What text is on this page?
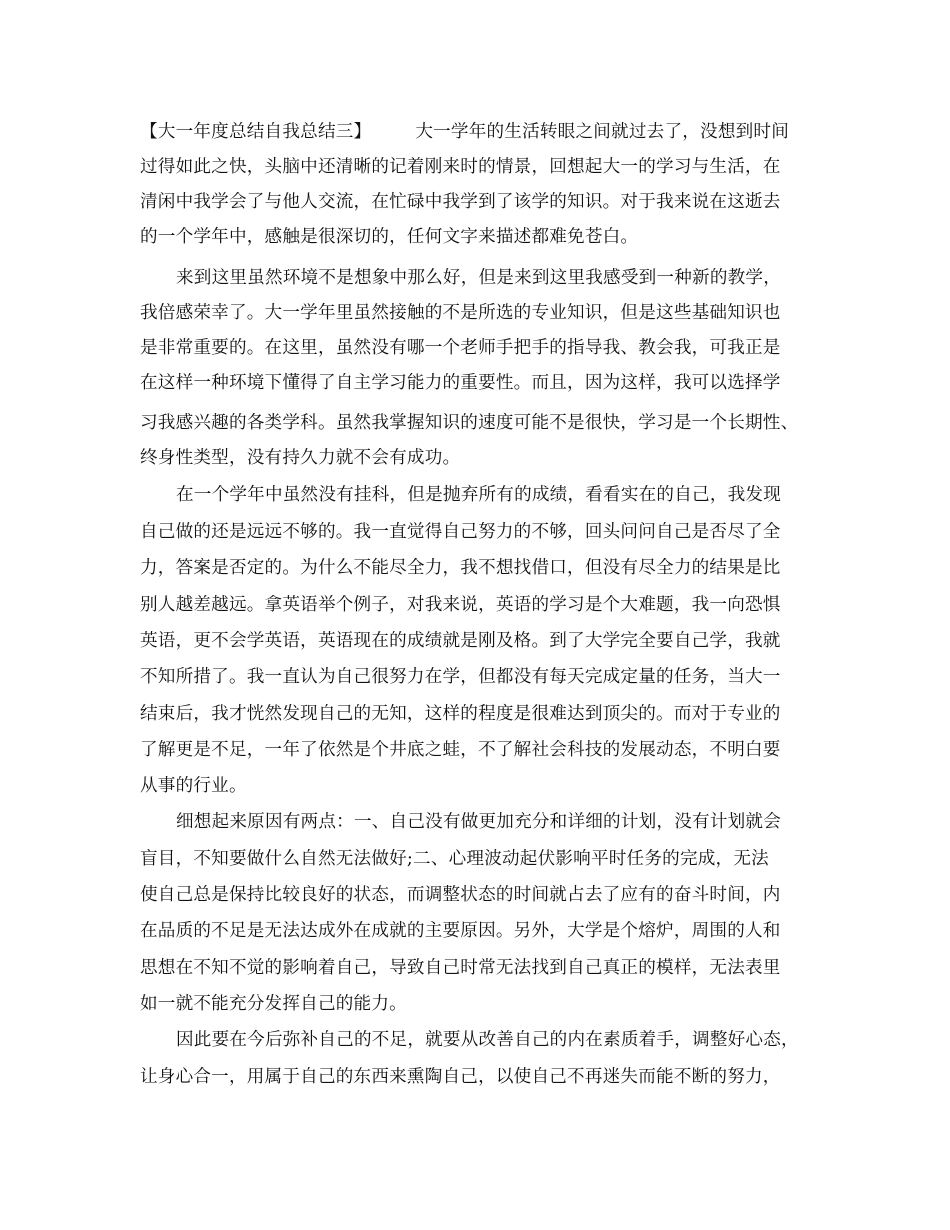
【大一年度总结自我总结三】	大一学年的生活转眼之间就过去了，没想到时间
过得如此之快，头脑中还清晰的记着刚来时的情景，回想起大一的学习与生活，在
清闲中我学会了与他人交流，在忙碌中我学到了该学的知识。对于我来说在这逝去
的一个学年中，感触是很深切的，任何文字来描述都难免苍白。
来到这里虽然环境不是想象中那么好，但是来到这里我感受到一种新的教学，
我倍感荣幸了。大一学年里虽然接触的不是所选的专业知识，但是这些基础知识也
是非常重要的。在这里，虽然没有哪一个老师手把手的指导我、教会我，可我正是
在这样一种环境下懂得了自主学习能力的重要性。而且，因为这样，我可以选择学
习我感兴趣的各类学科。虽然我掌握知识的速度可能不是很快，学习是一个长期性、
终身性类型，没有持久力就不会有成功。
在一个学年中虽然没有挂科，但是抛弃所有的成绩，看看实在的自己，我发现
自己做的还是远远不够的。我一直觉得自己努力的不够，回头问问自己是否尽了全
力，答案是否定的。为什么不能尽全力，我不想找借口，但没有尽全力的结果是比
别人越差越远。拿英语举个例子，对我来说，英语的学习是个大难题，我一向恐惧
英语，更不会学英语，英语现在的成绩就是刚及格。到了大学完全要自己学，我就
不知所措了。我一直认为自己很努力在学，但都没有每天完成定量的任务，当大一
结束后，我才恍然发现自己的无知，这样的程度是很难达到顶尖的。而对于专业的
了解更是不足，一年了依然是个井底之蛙，不了解社会科技的发展动态，不明白要
从事的行业。
细想起来原因有两点：一、自己没有做更加充分和详细的计划，没有计划就会
盲目，不知要做什么自然无法做好;二、心理波动起伏影响平时任务的完成，无法
使自己总是保持比较良好的状态，而调整状态的时间就占去了应有的奋斗时间，内
在品质的不足是无法达成外在成就的主要原因。另外，大学是个熔炉，周围的人和
思想在不知不觉的影响着自己，导致自己时常无法找到自己真正的模样，无法表里
如一就不能充分发挥自己的能力。
因此要在今后弥补自己的不足，就要从改善自己的内在素质着手，调整好心态，
让身心合一，用属于自己的东西来熏陶自己，以使自己不再迷失而能不断的努力，
